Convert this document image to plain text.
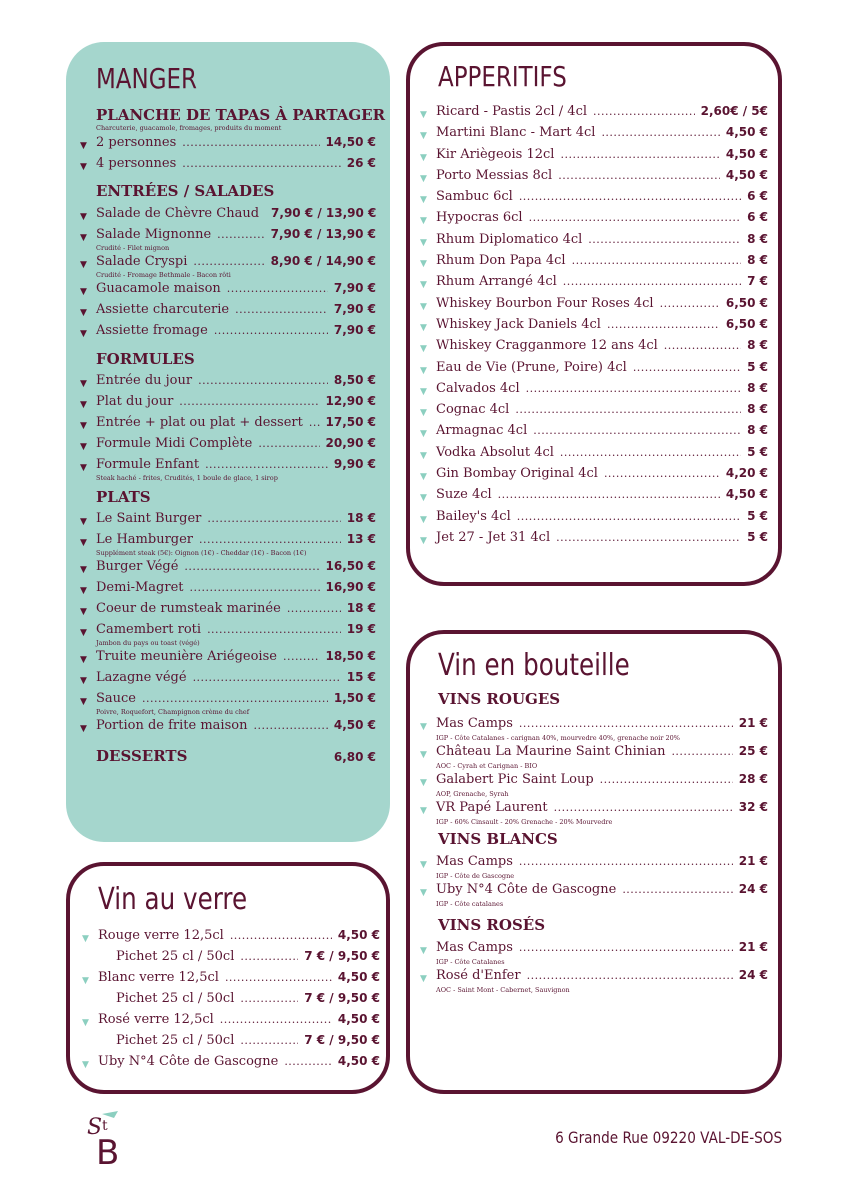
MANGER
PLANCHE DE TAPAS À PARTAGER
Charcuterie, guacamole, fromages, produits du moment
▼ 2 personnes .....	14,50 €
▼ 4 personnes .....	26 €
ENTRÉES / SALADES
▼ Salade de Chèvre Chaud 7,90 € / 13,90 €
▼ Salade Mignonne .....	7,90 € / 13,90 €
Crudité - Filet mignon
▼ Salade Cryspi .....	8,90 € / 14,90 €
Crudité - Fromage Bethmale - Bacon rôti
▼ Guacamole maison .....	7,90 €
▼ Assiette charcuterie .....	7,90 €
▼ Assiette fromage .....	7,90 €
FORMULES
▼ Entrée du jour .....	8,50 €
▼ Plat du jour .....	12,90 €
▼ Entrée + plat ou plat + dessert ..... 17,50 €
▼ Formule Midi Complète .....	20,90 €
▼ Formule Enfant .....	9,90 €
Steak haché - frites, Crudités, 1 boule de glace, 1 sirop
PLATS
▼ Le Saint Burger .....	18 €
▼ Le Hamburger .....	13 €
Supplément steak (5€): Oignon (1€) - Cheddar (1€) - Bacon (1€)
▼ Burger Végé .....	16,50 €
▼ Demi-Magret .....	16,90 €
▼ Coeur de rumsteak marinée .....	18 €
▼ Camembert roti .....	19 €
Jambon du pays ou toast (végé)
▼ Truite meunière Ariégeoise .....	18,50 €
▼ Lazagne végé .....	15 €
▼ Sauce .....	1,50 €
Poivre, Roquefort, Champignon crème du chef
▼ Portion de frite maison .....	4,50 €
DESSERTS	6,80 €
Vin au verre
▼ Rouge verre 12,5cl .....	4,50 €
Pichet 25 cl / 50cl .....	7 € / 9,50 €
▼ Blanc verre 12,5cl .....	4,50 €
Pichet 25 cl / 50cl .....	7 € / 9,50 €
▼ Rosé verre 12,5cl .....	4,50 €
Pichet 25 cl / 50cl .....	7 € / 9,50 €
▼ Uby N°4 Côte de Gascogne .....	4,50 €
APPERITIFS
▼ Ricard - Pastis 2cl / 4cl .....	2,60€ / 5€
▼ Martini Blanc - Mart 4cl .....	4,50 €
▼ Kir Ariègeois 12cl .....	4,50 €
▼ Porto Messias 8cl .....	4,50 €
▼ Sambuc 6cl .....	6 €
▼ Hypocras 6cl .....	6 €
▼ Rhum Diplomatico 4cl .....	8 €
▼ Rhum Don Papa 4cl .....	8 €
▼ Rhum Arrangé 4cl .....	7 €
▼ Whiskey Bourbon Four Roses 4cl .....	6,50 €
▼ Whiskey Jack Daniels 4cl .....	6,50 €
▼ Whiskey Cragganmore 12 ans 4cl .....	8 €
▼ Eau de Vie (Prune, Poire) 4cl .....	5 €
▼ Calvados 4cl .....	8 €
▼ Cognac 4cl .....	8 €
▼ Armagnac 4cl .....	8 €
▼ Vodka Absolut 4cl .....	5 €
▼ Gin Bombay Original 4cl .....	4,20 €
▼ Suze 4cl .....	4,50 €
▼ Bailey's 4cl .....	5 €
▼ Jet 27 - Jet 31 4cl .....	5 €
Vin en bouteille
VINS ROUGES
▼ Mas Camps .....	21 €
IGP - Côte Catalanes - carignan 40%, mourvedre 40%, grenache noir 20%
▼ Château La Maurine Saint Chinian .....	25 €
AOC - Cyrah et Carignan - BIO
▼ Galabert Pic Saint Loup .....	28 €
AOP, Grenache, Syrah
▼ VR Papé Laurent .....	32 €
IGP - 60% Cinsault - 20% Grenache - 20% Mourvedre
VINS BLANCS
▼ Mas Camps .....	21 €
IGP - Côte de Gascogne
▼ Uby N°4 Côte de Gascogne .....	24 €
IGP - Côte catalanes
VINS ROSÉS
▼ Mas Camps .....	21 €
IGP - Côte Catalanes
▼ Rosé d'Enfer .....	24 €
AOC - Saint Mont - Cabernet, Sauvignon
S t
B	6 Grande Rue 09220 VAL-DE-SOS
